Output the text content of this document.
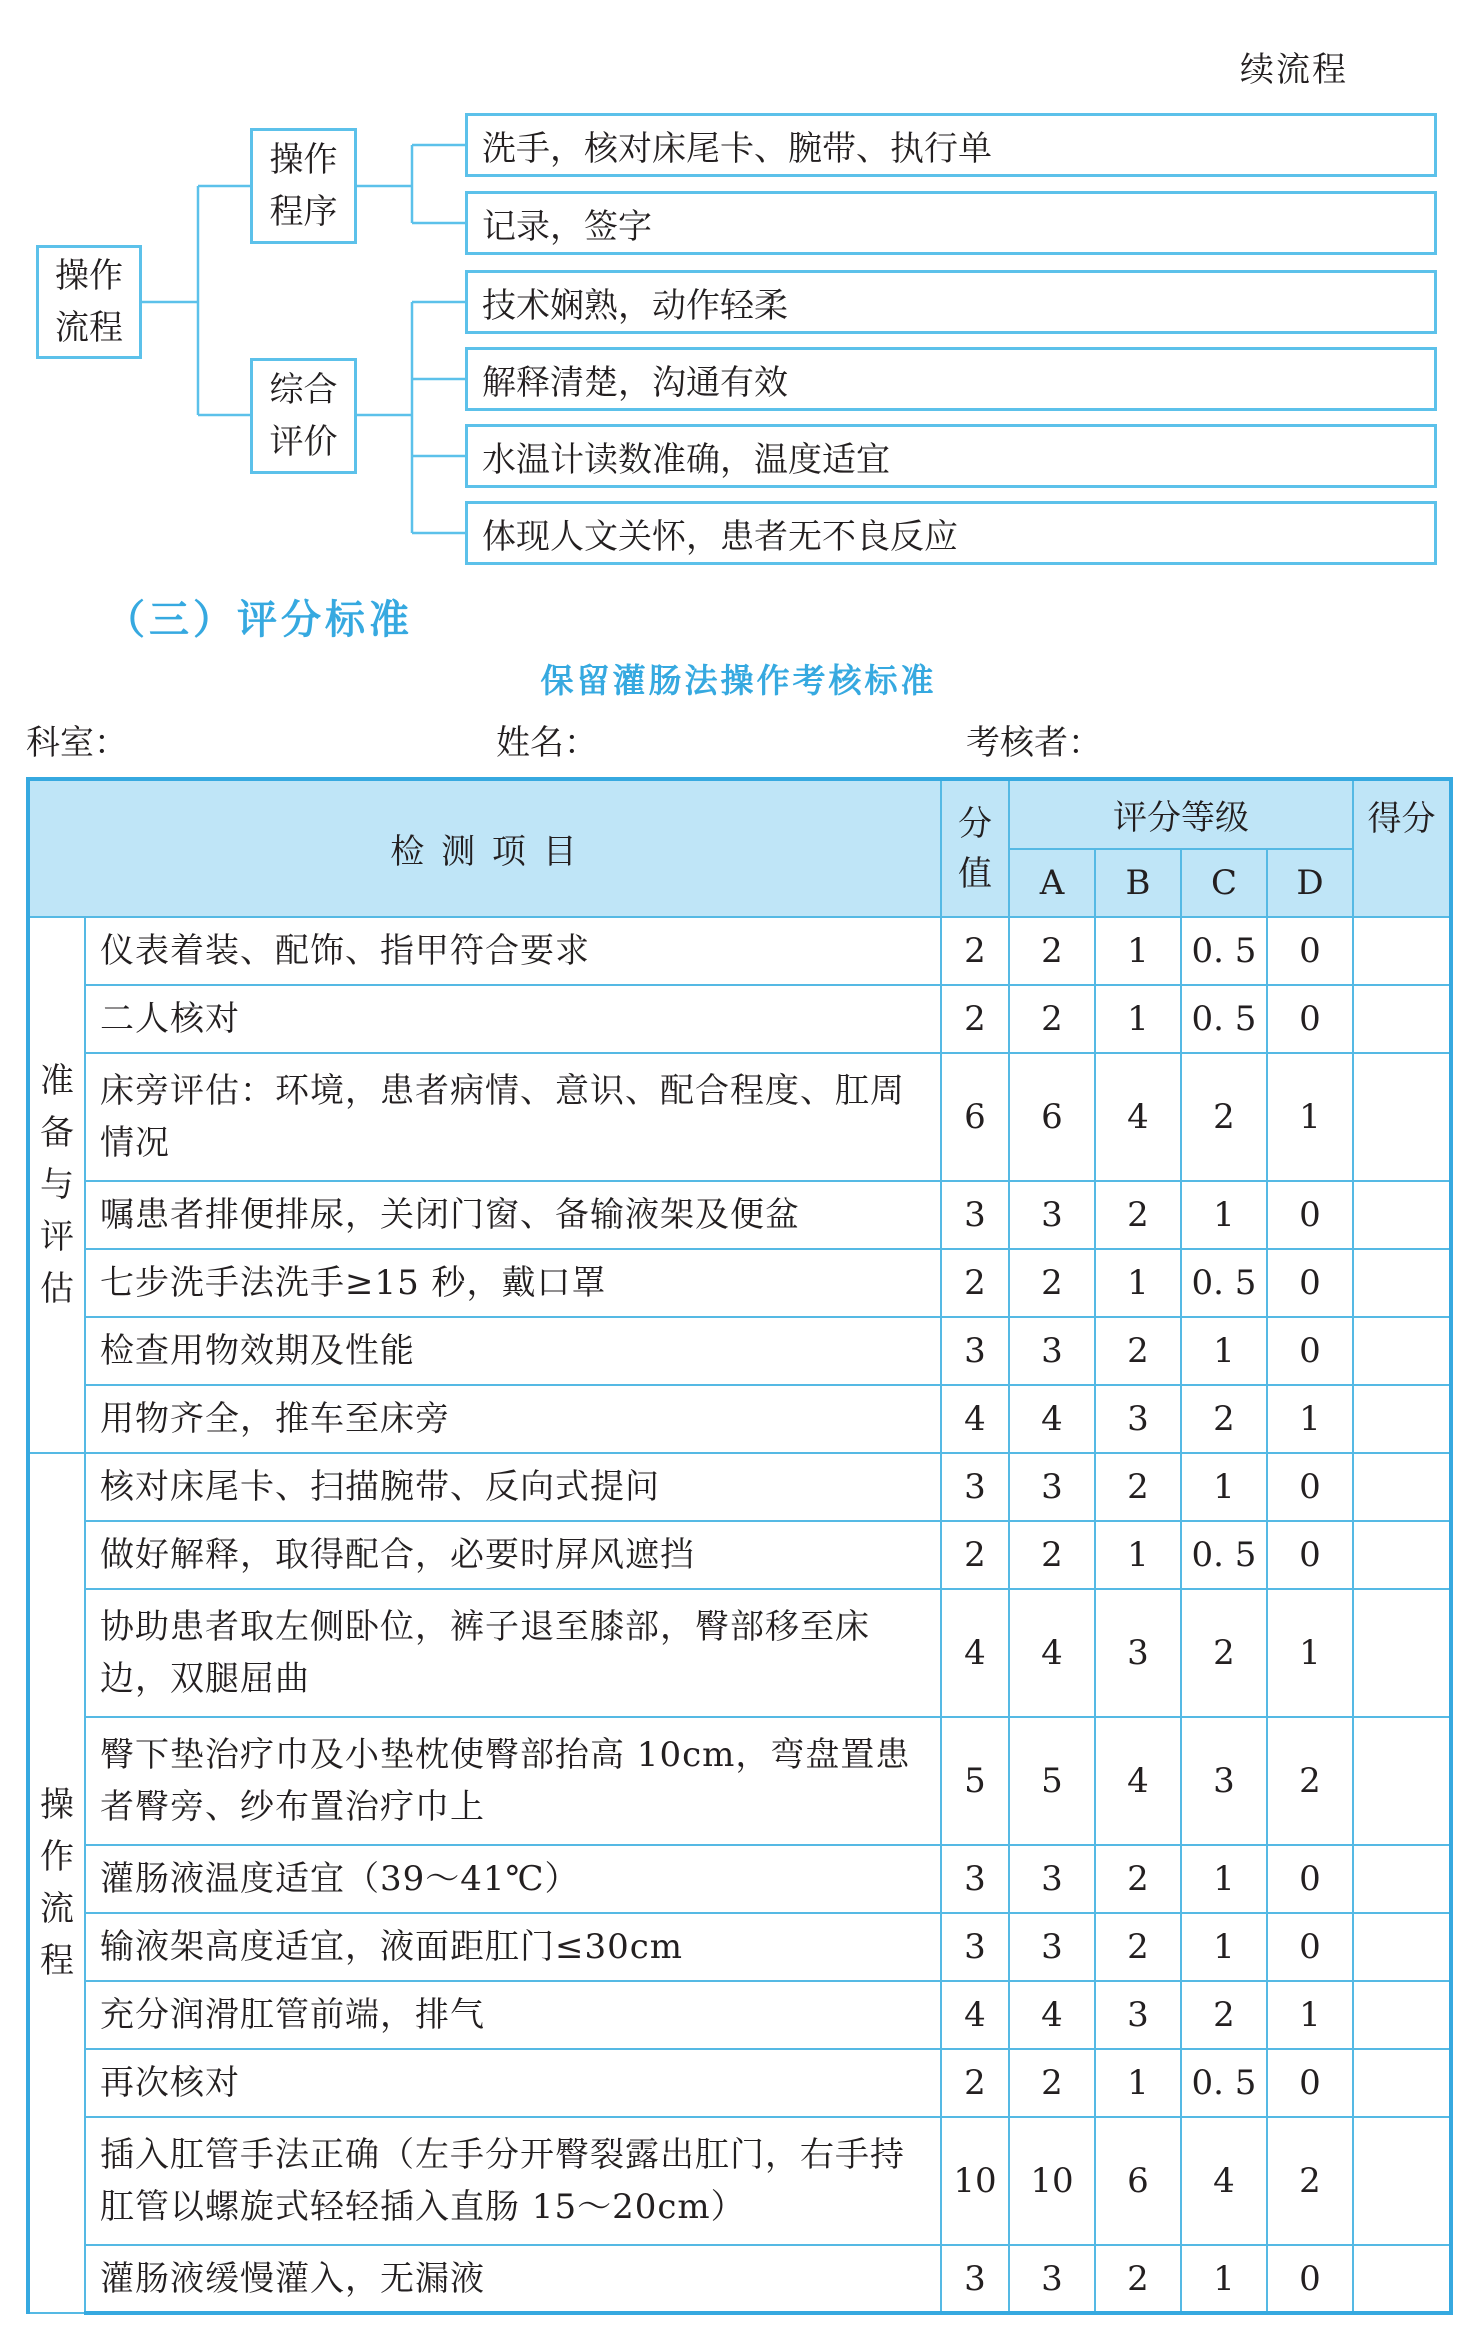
续流程
操作
流程
操作
程序
综合
评价
洗手，核对床尾卡、腕带、执行单
记录，签字
技术娴熟，动作轻柔
解释清楚，沟通有效
水温计读数准确，温度适宜
体现人文关怀，患者无不良反应
（三）评分标准
保留灌肠法操作考核标准
科室：	姓名：	考核者：
检 测 项 目		分值	评分等级				得分
			A	B	C	D	
准备与评估	仪表着装、配饰、指甲符合要求	2	2	1	0. 5	0	
	二人核对	2	2	1	0. 5	0	
	床旁评估：环境，患者病情、意识、配合程度、肛周情况	6	6	4	2	1	
	嘱患者排便排尿，关闭门窗、备输液架及便盆	3	3	2	1	0	
	七步洗手法洗手≥15 秒，戴口罩	2	2	1	0. 5	0	
	检查用物效期及性能	3	3	2	1	0	
	用物齐全，推车至床旁	4	4	3	2	1	
操作流程	核对床尾卡、扫描腕带、反向式提问	3	3	2	1	0	
	做好解释，取得配合，必要时屏风遮挡	2	2	1	0. 5	0	
	协助患者取左侧卧位，裤子退至膝部，臀部移至床边，双腿屈曲	4	4	3	2	1	
	臀下垫治疗巾及小垫枕使臀部抬高 10cm，弯盘置患者臀旁、纱布置治疗巾上	5	5	4	3	2	
	灌肠液温度适宜（39～41℃）	3	3	2	1	0	
	输液架高度适宜，液面距肛门≤30cm	3	3	2	1	0	
	充分润滑肛管前端，排气	4	4	3	2	1	
	再次核对	2	2	1	0. 5	0	
	插入肛管手法正确（左手分开臀裂露出肛门，右手持肛管以螺旋式轻轻插入直肠 15～20cm）	10	10	6	4	2	
	灌肠液缓慢灌入，无漏液	3	3	2	1	0	
